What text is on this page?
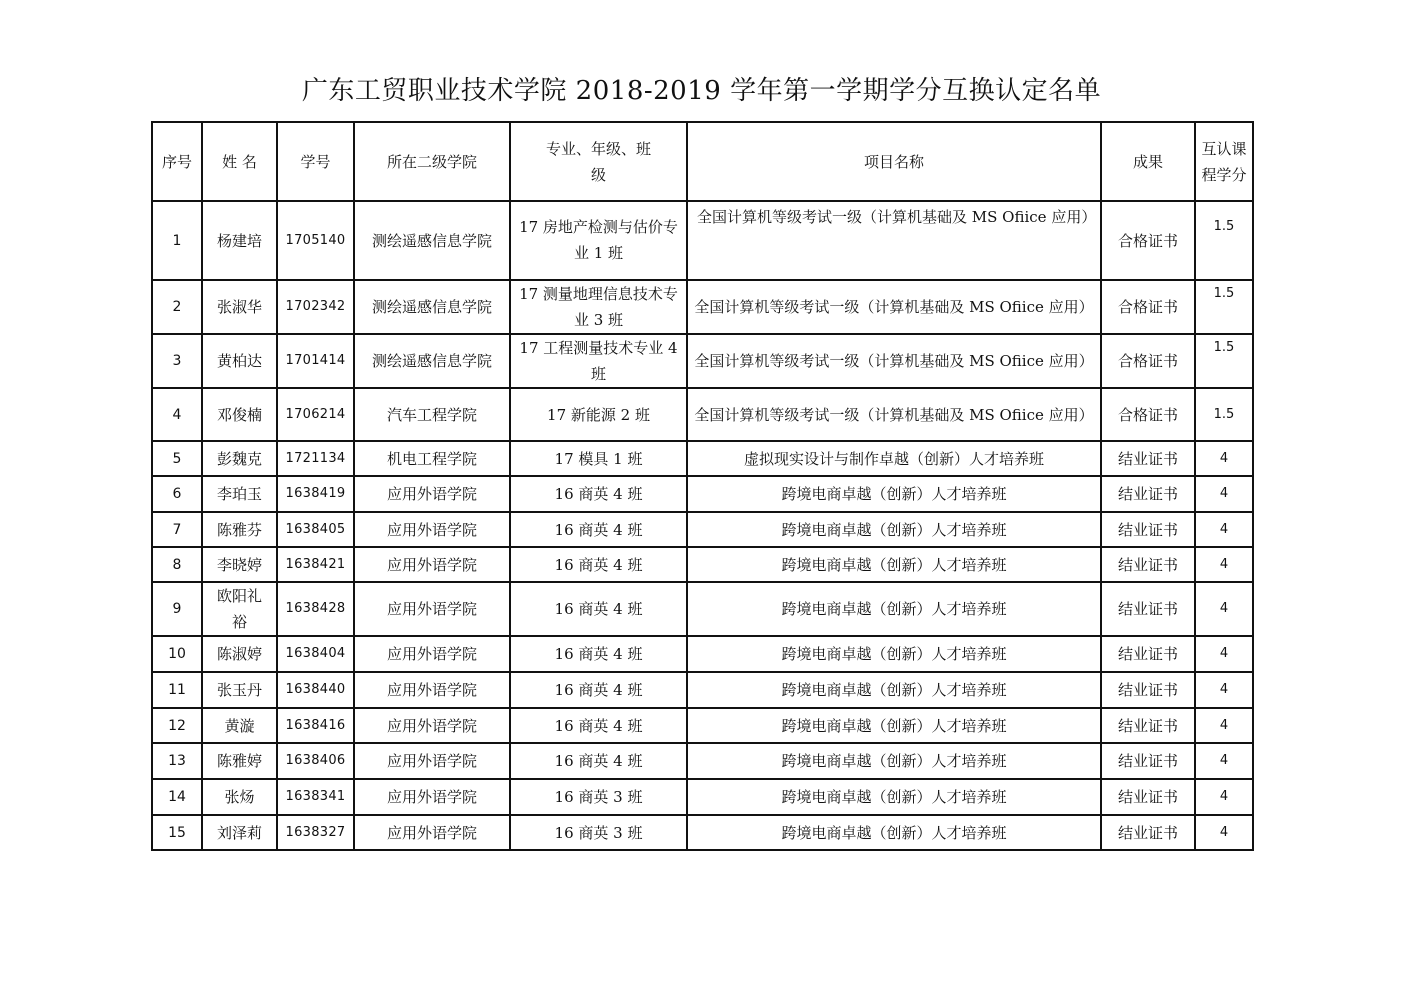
广东工贸职业技术学院 2018-2019 学年第一学期学分互换认定名单
序号	姓 名	学号	所在二级学院	专业、年级、班级	项目名称	成果	互认课程学分
1	杨建培	1705140	测绘遥感信息学院	17 房地产检测与估价专业 1 班	全国计算机等级考试一级（计算机基础及 MS Ofiice 应用）	合格证书	1.5
2	张淑华	1702342	测绘遥感信息学院	17 测量地理信息技术专业 3 班	全国计算机等级考试一级（计算机基础及 MS Ofiice 应用）	合格证书	1.5
3	黄柏达	1701414	测绘遥感信息学院	17 工程测量技术专业 4 班	全国计算机等级考试一级（计算机基础及 MS Ofiice 应用）	合格证书	1.5
4	邓俊楠	1706214	汽车工程学院	17 新能源 2 班	全国计算机等级考试一级（计算机基础及 MS Ofiice 应用）	合格证书	1.5
5	彭魏克	1721134	机电工程学院	17 模具 1 班	虚拟现实设计与制作卓越（创新）人才培养班	结业证书	4
6	李珀玉	1638419	应用外语学院	16 商英 4 班	跨境电商卓越（创新）人才培养班	结业证书	4
7	陈雅芬	1638405	应用外语学院	16 商英 4 班	跨境电商卓越（创新）人才培养班	结业证书	4
8	李晓婷	1638421	应用外语学院	16 商英 4 班	跨境电商卓越（创新）人才培养班	结业证书	4
9	欧阳礼裕	1638428	应用外语学院	16 商英 4 班	跨境电商卓越（创新）人才培养班	结业证书	4
10	陈淑婷	1638404	应用外语学院	16 商英 4 班	跨境电商卓越（创新）人才培养班	结业证书	4
11	张玉丹	1638440	应用外语学院	16 商英 4 班	跨境电商卓越（创新）人才培养班	结业证书	4
12	黄漩	1638416	应用外语学院	16 商英 4 班	跨境电商卓越（创新）人才培养班	结业证书	4
13	陈雅婷	1638406	应用外语学院	16 商英 4 班	跨境电商卓越（创新）人才培养班	结业证书	4
14	张炀	1638341	应用外语学院	16 商英 3 班	跨境电商卓越（创新）人才培养班	结业证书	4
15	刘泽莉	1638327	应用外语学院	16 商英 3 班	跨境电商卓越（创新）人才培养班	结业证书	4
